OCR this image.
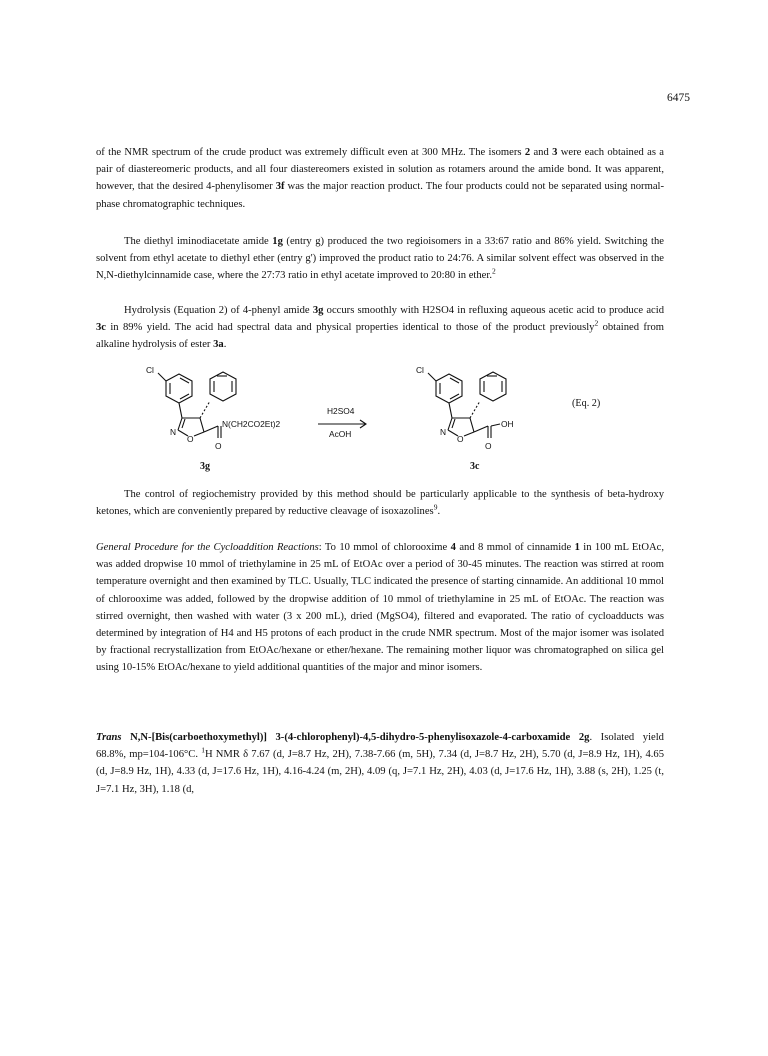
6475

of the NMR spectrum of the crude product was extremely difficult even at 300 MHz. The isomers 2 and 3 were each obtained as a pair of diastereomeric products, and all four diastereomers existed in solution as rotamers around the amide bond. It was apparent, however, that the desired 4-phenylisomer 3f was the major reaction product. The four products could not be separated using normal-phase chromatographic techniques.

The diethyl iminodiacetate amide 1g (entry g) produced the two regioisomers in a 33:67 ratio and 86% yield. Switching the solvent from ethyl acetate to diethyl ether (entry g') improved the product ratio to 24:76. A similar solvent effect was observed in the N,N-diethylcinnamide case, where the 27:73 ratio in ethyl acetate improved to 20:80 in ether.$^2$

Hydrolysis (Equation 2) of 4-phenyl amide 3g occurs smoothly with H2SO4 in refluxing aqueous acetic acid to produce acid 3c in 89% yield. The acid had spectral data and physical properties identical to those of the product previously$^2$ obtained from alkaline hydrolysis of ester 3a.

Cl
N
O
O
N(CH2CO2Et)2
3g
H2SO4
AcOH
Cl
N
O
O
OH
3c
(Eq. 2)

The control of regiochemistry provided by this method should be particularly applicable to the synthesis of beta-hydroxy ketones, which are conveniently prepared by reductive cleavage of isoxazolines$^9$.

General Procedure for the Cycloaddition Reactions: To 10 mmol of chlorooxime 4 and 8 mmol of cinnamide 1 in 100 mL EtOAc, was added dropwise 10 mmol of triethylamine in 25 mL of EtOAc over a period of 30-45 minutes. The reaction was stirred at room temperature overnight and then examined by TLC. Usually, TLC indicated the presence of starting cinnamide. An additional 10 mmol of chlorooxime was added, followed by the dropwise addition of 10 mmol of triethylamine in 25 mL of EtOAc. The reaction was stirred overnight, then washed with water (3 x 200 mL), dried (MgSO4), filtered and evaporated. The ratio of cycloadducts was determined by integration of H4 and H5 protons of each product in the crude NMR spectrum. Most of the major isomer was isolated by fractional recrystallization from EtOAc/hexane or ether/hexane. The remaining mother liquor was chromatographed on silica gel using 10-15% EtOAc/hexane to yield additional quantities of the major and minor isomers.

Trans N,N-[Bis(carboethoxymethyl)] 3-(4-chlorophenyl)-4,5-dihydro-5-phenylisoxazole-4-carboxamide 2g. Isolated yield 68.8%, mp=104-106°C. $^1$H NMR δ 7.67 (d, J=8.7 Hz, 2H), 7.38-7.66 (m, 5H), 7.34 (d, J=8.7 Hz, 2H), 5.70 (d, J=8.9 Hz, 1H), 4.65 (d, J=8.9 Hz, 1H), 4.33 (d, J=17.6 Hz, 1H), 4.16-4.24 (m, 2H), 4.09 (q, J=7.1 Hz, 2H), 4.03 (d, J=17.6 Hz, 1H), 3.88 (s, 2H), 1.25 (t, J=7.1 Hz, 3H), 1.18 (d,
